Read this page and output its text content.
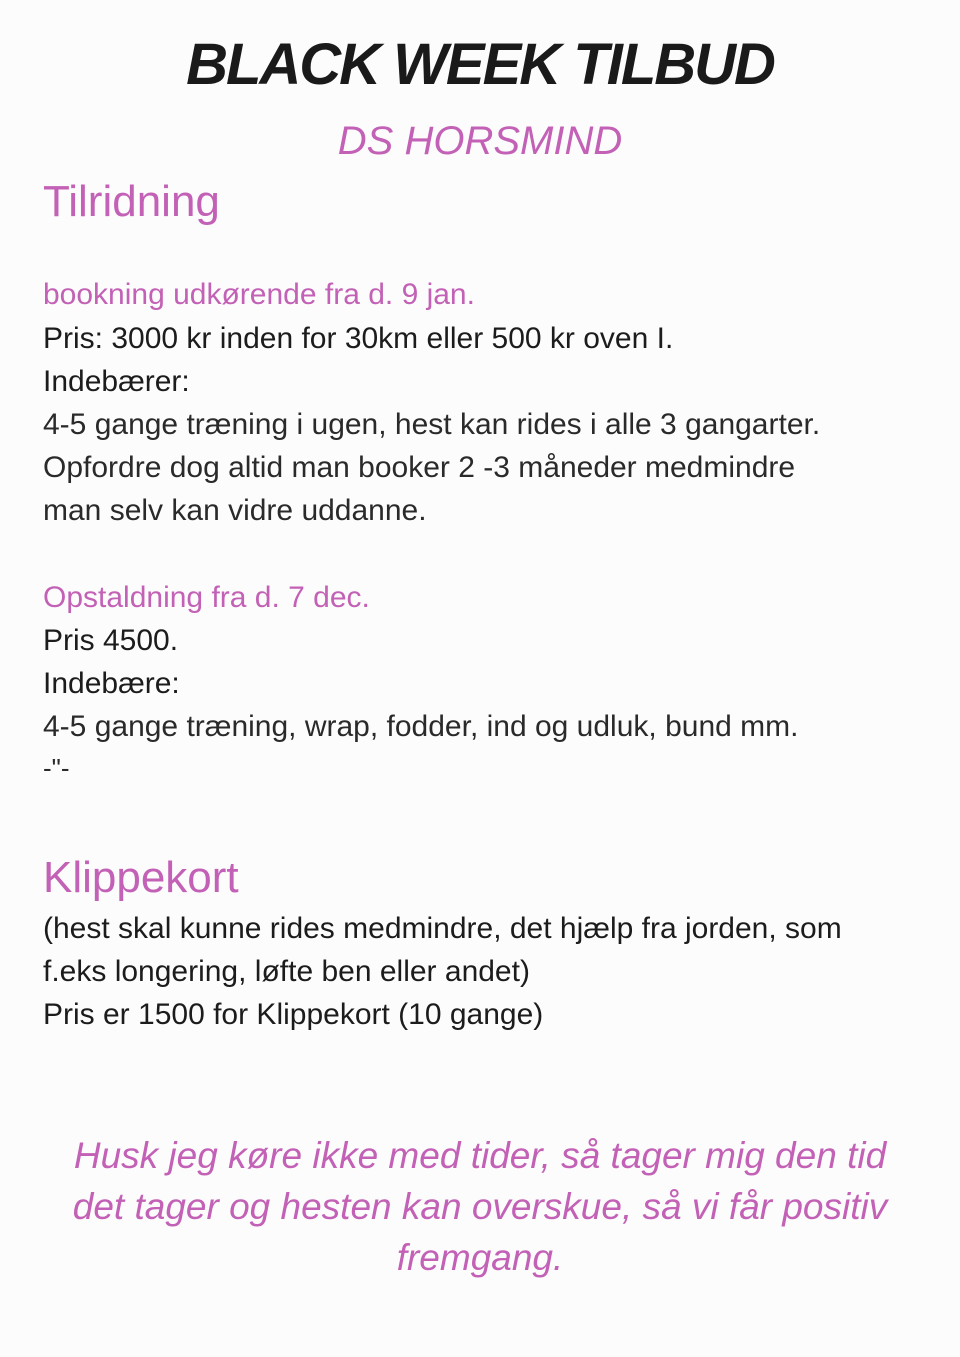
BLACK WEEK TILBUD
DS HORSMIND
Tilridning
bookning udkørende fra d. 9 jan.
Pris: 3000 kr inden for 30km eller 500 kr oven I.
Indebærer:
4-5 gange træning i ugen, hest kan rides i alle 3 gangarter.
Opfordre dog altid man booker 2 -3 måneder medmindre
man selv kan vidre uddanne.
Opstaldning fra d. 7 dec.
Pris 4500.
Indebære:
4-5 gange træning, wrap, fodder, ind og udluk, bund mm.
-"-
Klippekort
(hest skal kunne rides medmindre, det hjælp fra jorden, som
f.eks longering, løfte ben eller andet)
Pris er 1500 for Klippekort (10 gange)
Husk jeg køre ikke med tider, så tager mig den tid
det tager og hesten kan overskue, så vi får positiv
fremgang.
